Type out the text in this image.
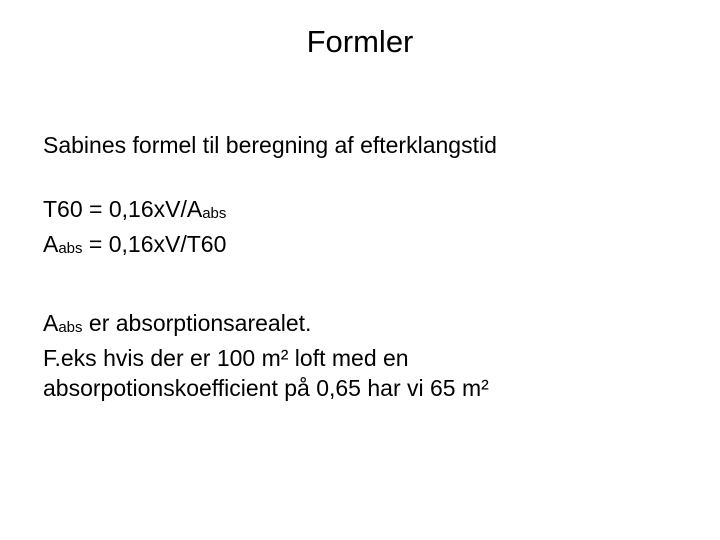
Formler
Sabines formel til beregning af efterklangstid
T60 = 0,16xV/Aabs
Aabs = 0,16xV/T60
Aabs er absorptionsarealet.
F.eks hvis der er 100 m² loft med en
absorpotionskoefficient på 0,65 har vi 65 m²
